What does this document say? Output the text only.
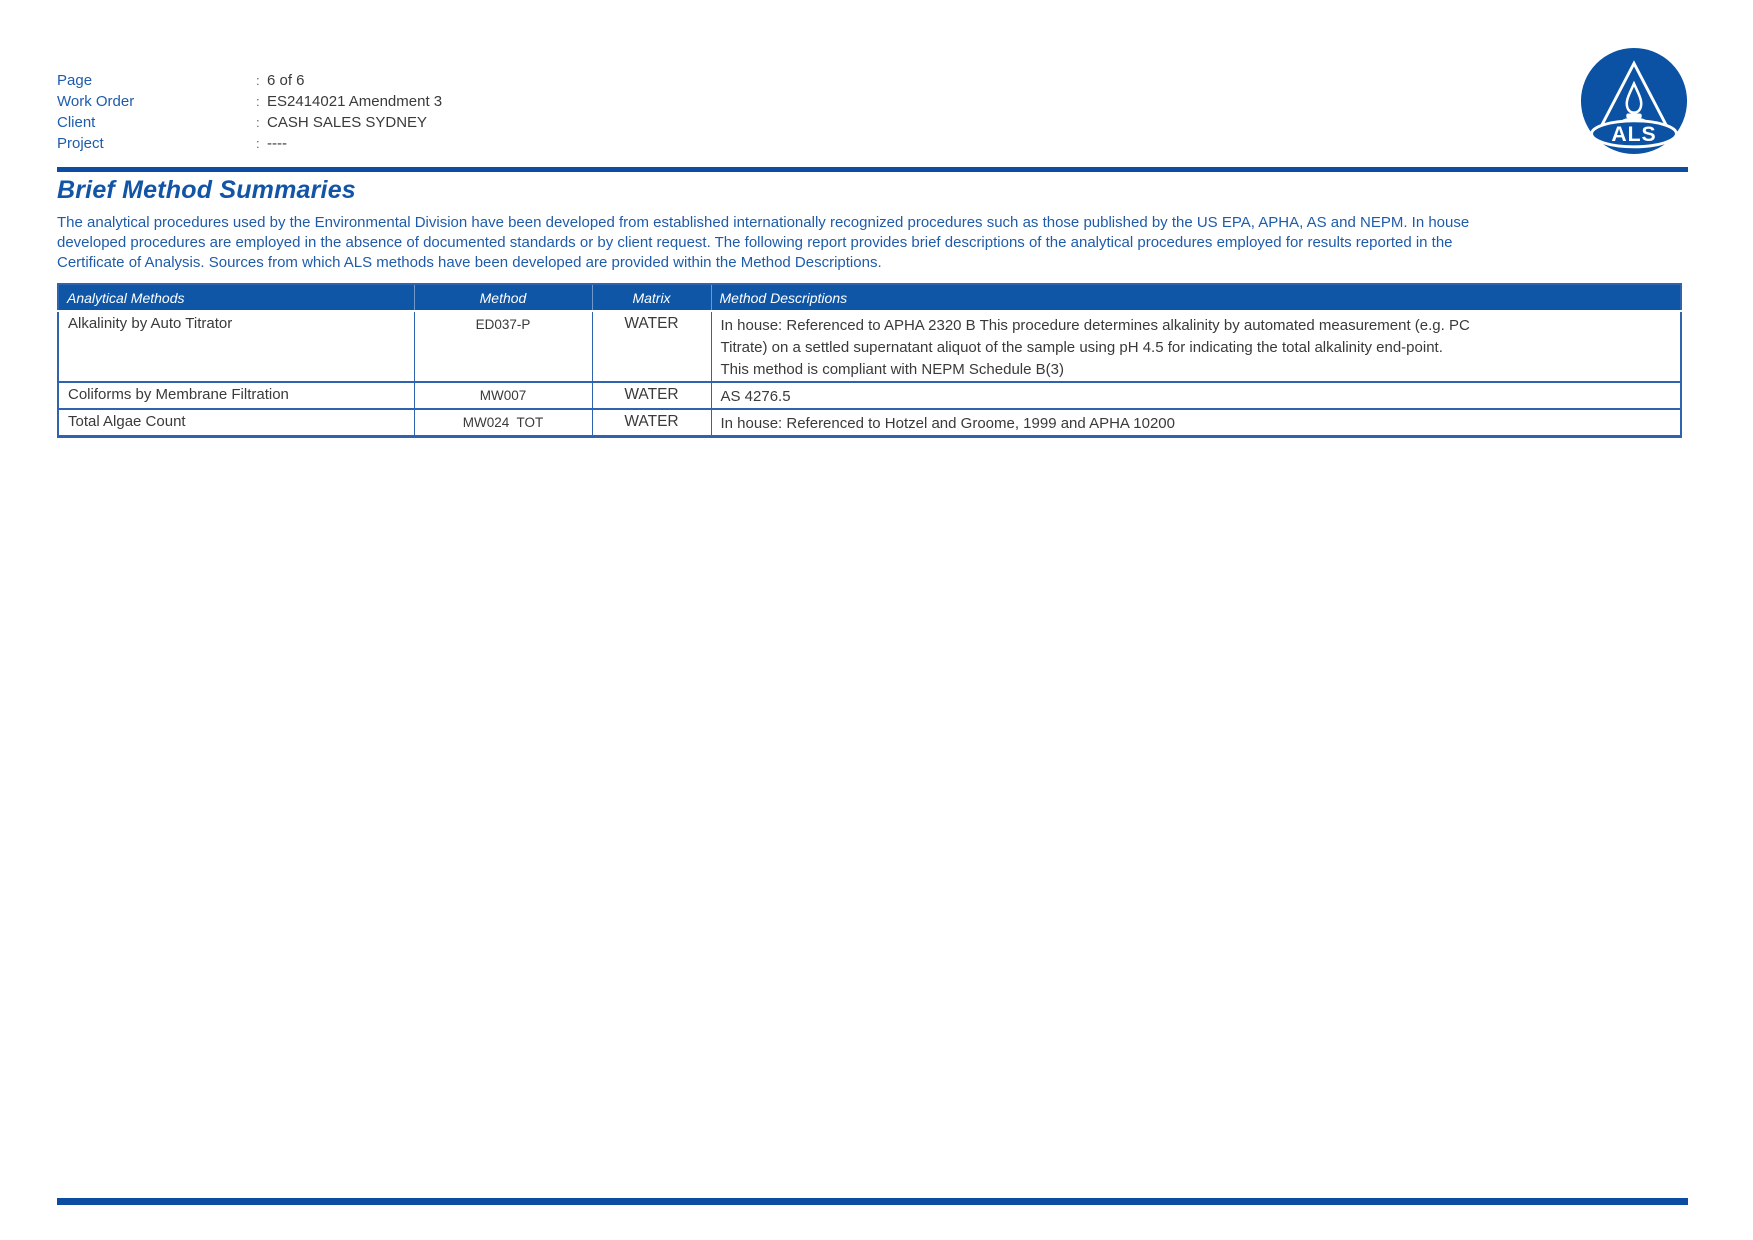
Page	: 6 of 6
Work Order	: ES2414021 Amendment 3
Client	: CASH SALES SYDNEY
Project	: ----	ALS
Brief Method Summaries
The analytical procedures used by the Environmental Division have been developed from established internationally recognized procedures such as those published by the US EPA, APHA, AS and NEPM. In house
developed procedures are employed in the absence of documented standards or by client request. The following report provides brief descriptions of the analytical procedures employed for results reported in the
Certificate of Analysis. Sources from which ALS methods have been developed are provided within the Method Descriptions.
Analytical Methods	Method	Matrix	Method Descriptions
Alkalinity by Auto Titrator	ED037-P	WATER	In house: Referenced to APHA 2320 B This procedure determines alkalinity by automated measurement (e.g. PC
Titrate) on a settled supernatant aliquot of the sample using pH 4.5 for indicating the total alkalinity end-point.
This method is compliant with NEPM Schedule B(3)

Coliforms by Membrane Filtration	MW007	WATER	AS 4276.5

Total Algae Count	MW024  TOT	WATER	In house: Referenced to Hotzel and Groome, 1999 and APHA 10200
